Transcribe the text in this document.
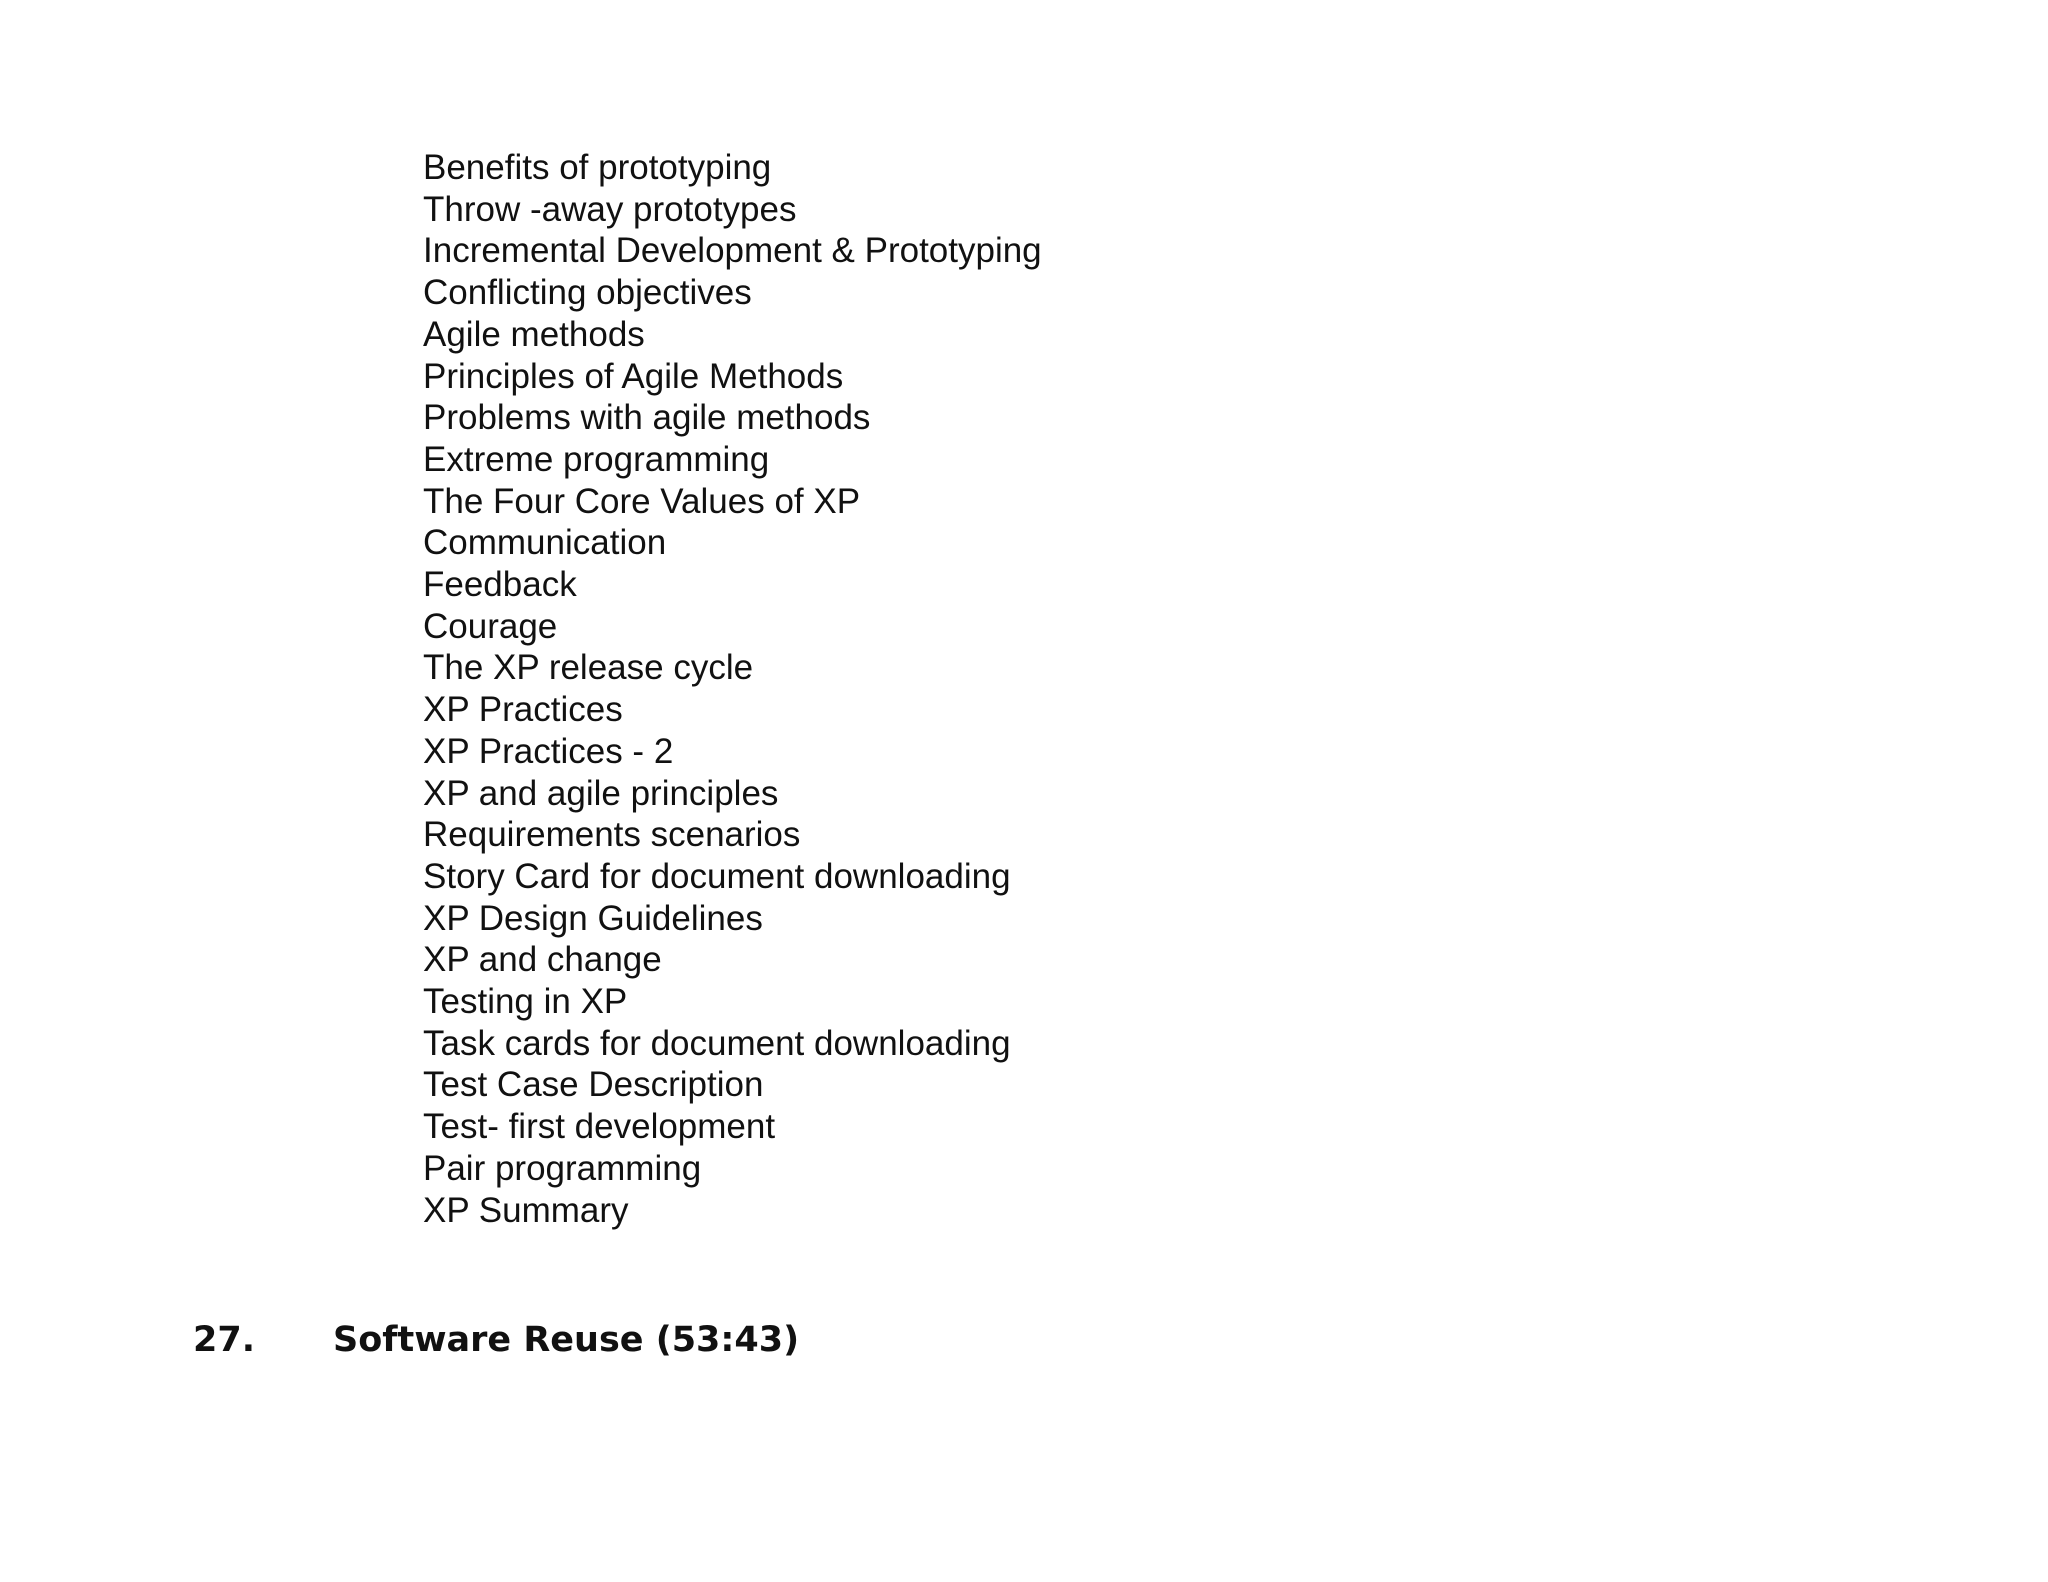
Benefits of prototyping
Throw -away prototypes
Incremental Development & Prototyping
Conflicting objectives
Agile methods
Principles of Agile Methods
Problems with agile methods
Extreme programming
The Four Core Values of XP
Communication
Feedback
Courage
The XP release cycle
XP Practices
XP Practices - 2
XP and agile principles
Requirements scenarios
Story Card for document downloading
XP Design Guidelines
XP and change
Testing in XP
Task cards for document downloading
Test Case Description
Test- first development
Pair programming
XP Summary
27. Software Reuse (53:43)
